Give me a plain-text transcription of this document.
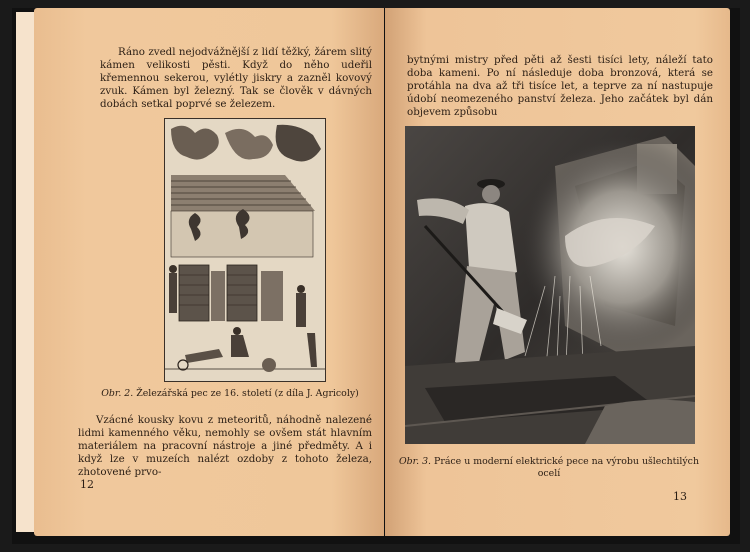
Ráno zvedl nejodvážnější z lidí těžký, žárem slitý kámen velikosti pěsti. Když do něho udeřil křemennou sekerou, vylétly jiskry a zazněl kovový zvuk. Kámen byl železný. Tak se člověk v dávných dobách setkal poprvé se železem.

Obr. 2. Železářská pec ze 16. století (z díla J. Agricoly)

Vzácné kousky kovu z meteoritů, náhodně nalezené lidmi kamenného věku, nemohly se ovšem stát hlavním materiálem na pracovní nástroje a jiné předměty. A i když lze v muzeích nalézt ozdoby z tohoto železa, zhotovené prvo-

12

bytnými mistry před pěti až šesti tisíci lety, náleží tato doba kameni. Po ní následuje doba bronzová, která se protáhla na dva až tři tisíce let, a teprve za ní nastupuje údobí neomezeného panství železa. Jeho začátek byl dán objevem způsobu

Obr. 3. Práce u moderní elektrické pece na výrobu ušlechtilých ocelí
13
